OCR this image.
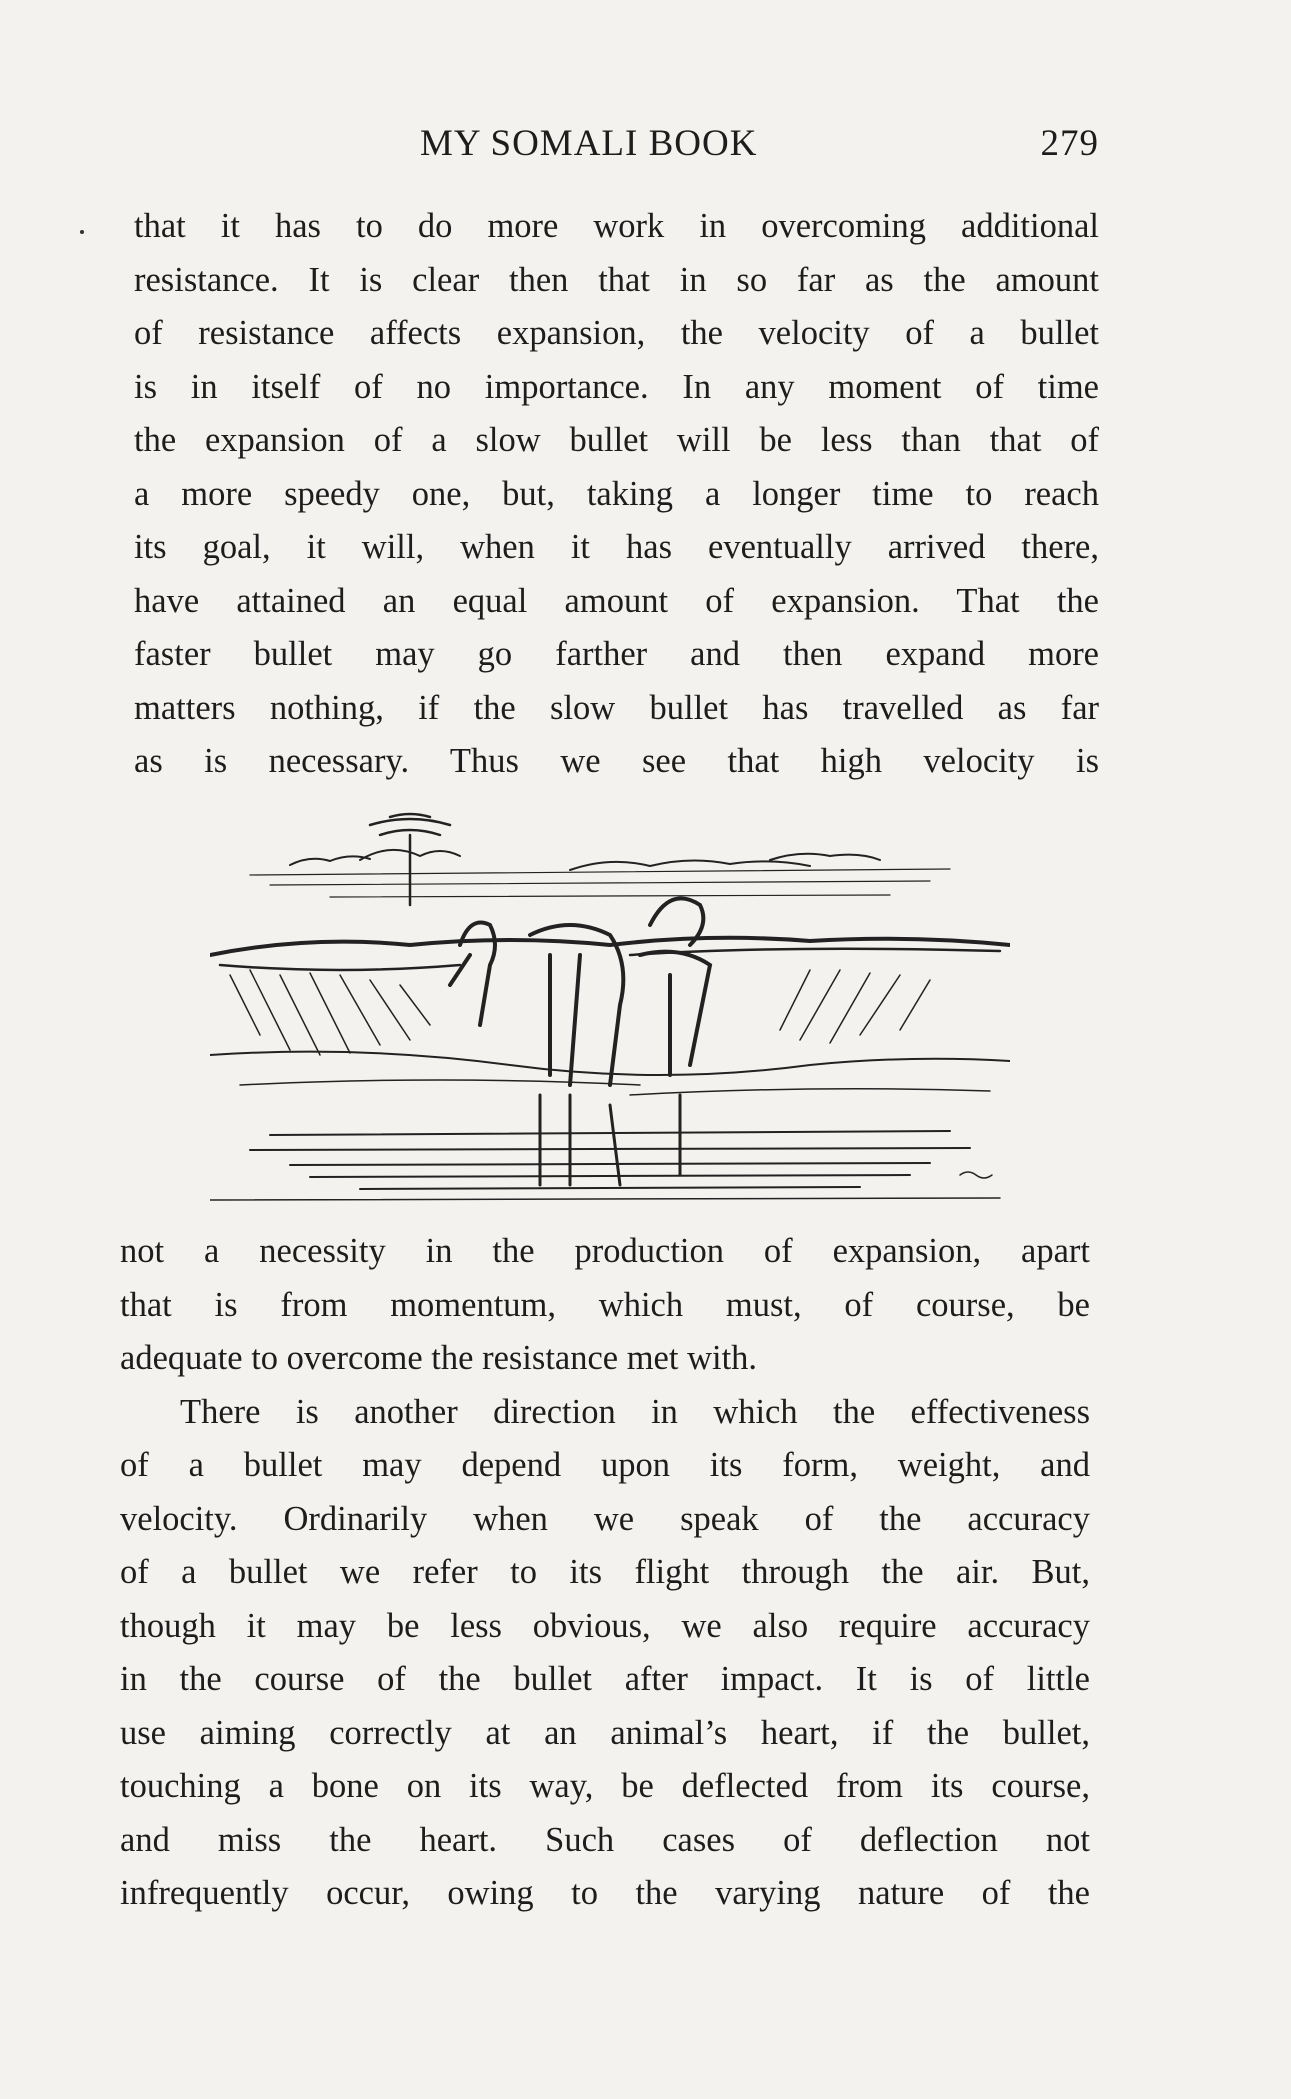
MY SOMALI BOOK	279
that it has to do more work in overcoming additional
resistance. It is clear then that in so far as the amount
of resistance affects expansion, the velocity of a bullet
is in itself of no importance. In any moment of time
the expansion of a slow bullet will be less than that of
a more speedy one, but, taking a longer time to reach
its goal, it will, when it has eventually arrived there,
have attained an equal amount of expansion. That the
faster bullet may go farther and then expand more
matters nothing, if the slow bullet has travelled as far
as is necessary. Thus we see that high velocity is
not a necessity in the production of expansion, apart
that is from momentum, which must, of course, be
adequate to overcome the resistance met with.
There is another direction in which the effectiveness
of a bullet may depend upon its form, weight, and
velocity. Ordinarily when we speak of the accuracy
of a bullet we refer to its flight through the air. But,
though it may be less obvious, we also require accuracy
in the course of the bullet after impact. It is of little
use aiming correctly at an animal’s heart, if the bullet,
touching a bone on its way, be deflected from its course,
and miss the heart. Such cases of deflection not
infrequently occur, owing to the varying nature of the
